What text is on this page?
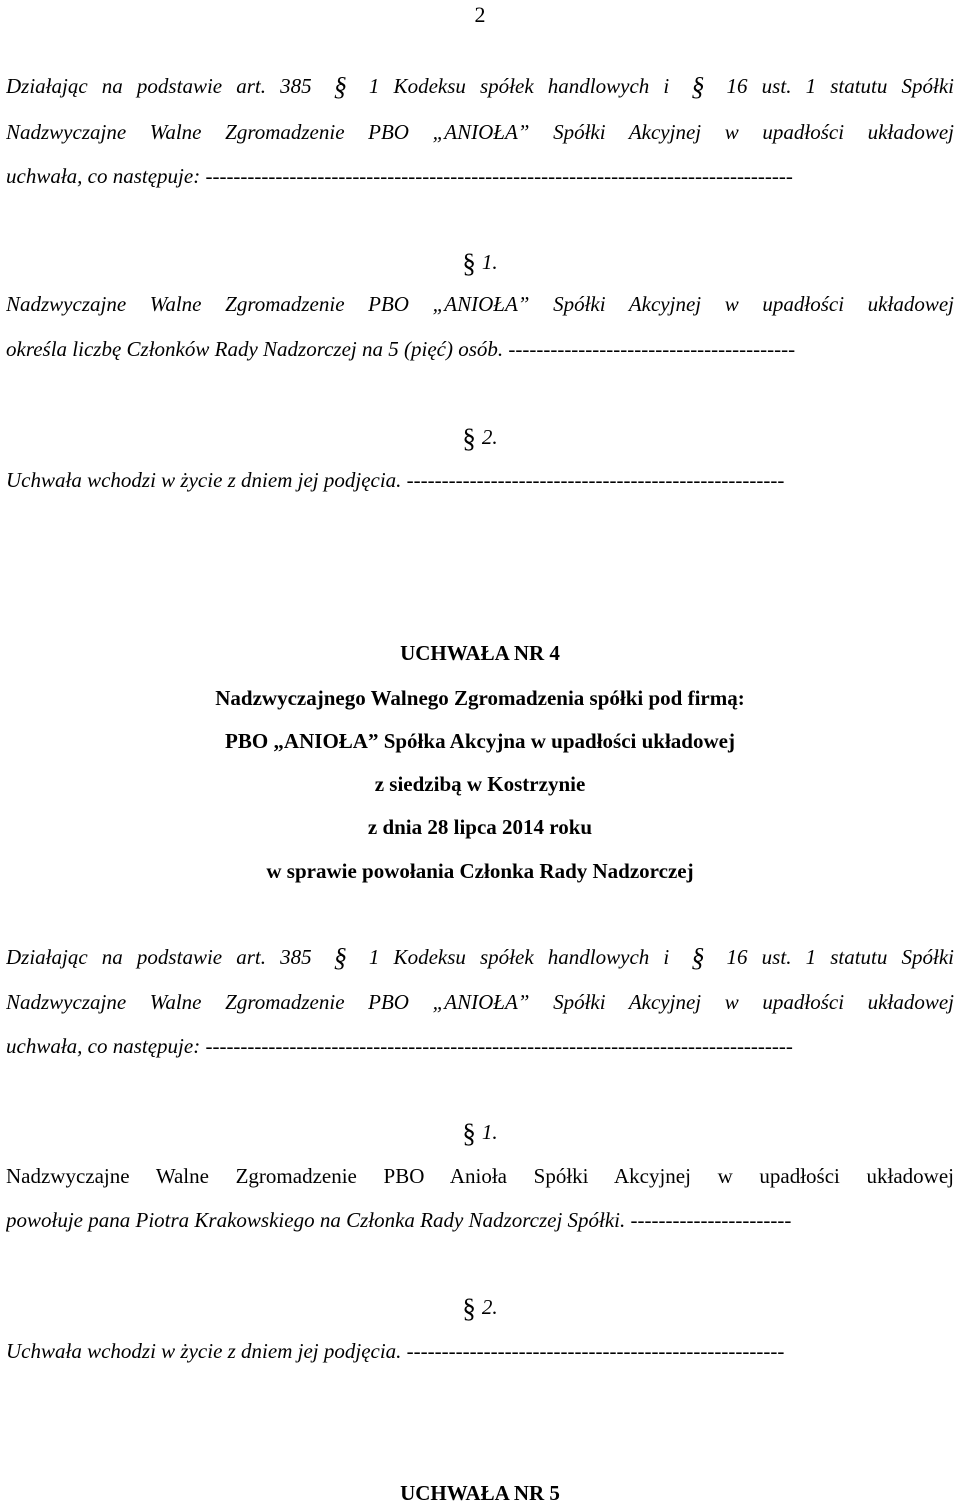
2
Działając na podstawie art. 385 § 1 Kodeksu spółek handlowych i § 16 ust. 1 statutu Spółki
Nadzwyczajne Walne Zgromadzenie PBO „ANIOŁA” Spółki Akcyjnej w upadłości układowej
uchwała, co następuje: ------------------------------------------------------------------------------------
§ 1.
Nadzwyczajne Walne Zgromadzenie PBO „ANIOŁA” Spółki Akcyjnej w upadłości układowej
określa liczbę Członków Rady Nadzorczej na 5 (pięć) osób. -----------------------------------------
§ 2.
Uchwała wchodzi w życie z dniem jej podjęcia. ------------------------------------------------------
UCHWAŁA NR 4
Nadzwyczajnego Walnego Zgromadzenia spółki pod firmą:
PBO „ANIOŁA” Spółka Akcyjna w upadłości układowej
z siedzibą w Kostrzynie
z dnia 28 lipca 2014 roku
w sprawie powołania Członka Rady Nadzorczej
Działając na podstawie art. 385 § 1 Kodeksu spółek handlowych i § 16 ust. 1 statutu Spółki
Nadzwyczajne Walne Zgromadzenie PBO „ANIOŁA” Spółki Akcyjnej w upadłości układowej
uchwała, co następuje: ------------------------------------------------------------------------------------
§ 1.
Nadzwyczajne Walne Zgromadzenie PBO Anioła Spółki Akcyjnej w upadłości układowej
powołuje pana Piotra Krakowskiego na Członka Rady Nadzorczej Spółki. -----------------------
§ 2.
Uchwała wchodzi w życie z dniem jej podjęcia. ------------------------------------------------------
UCHWAŁA NR 5
